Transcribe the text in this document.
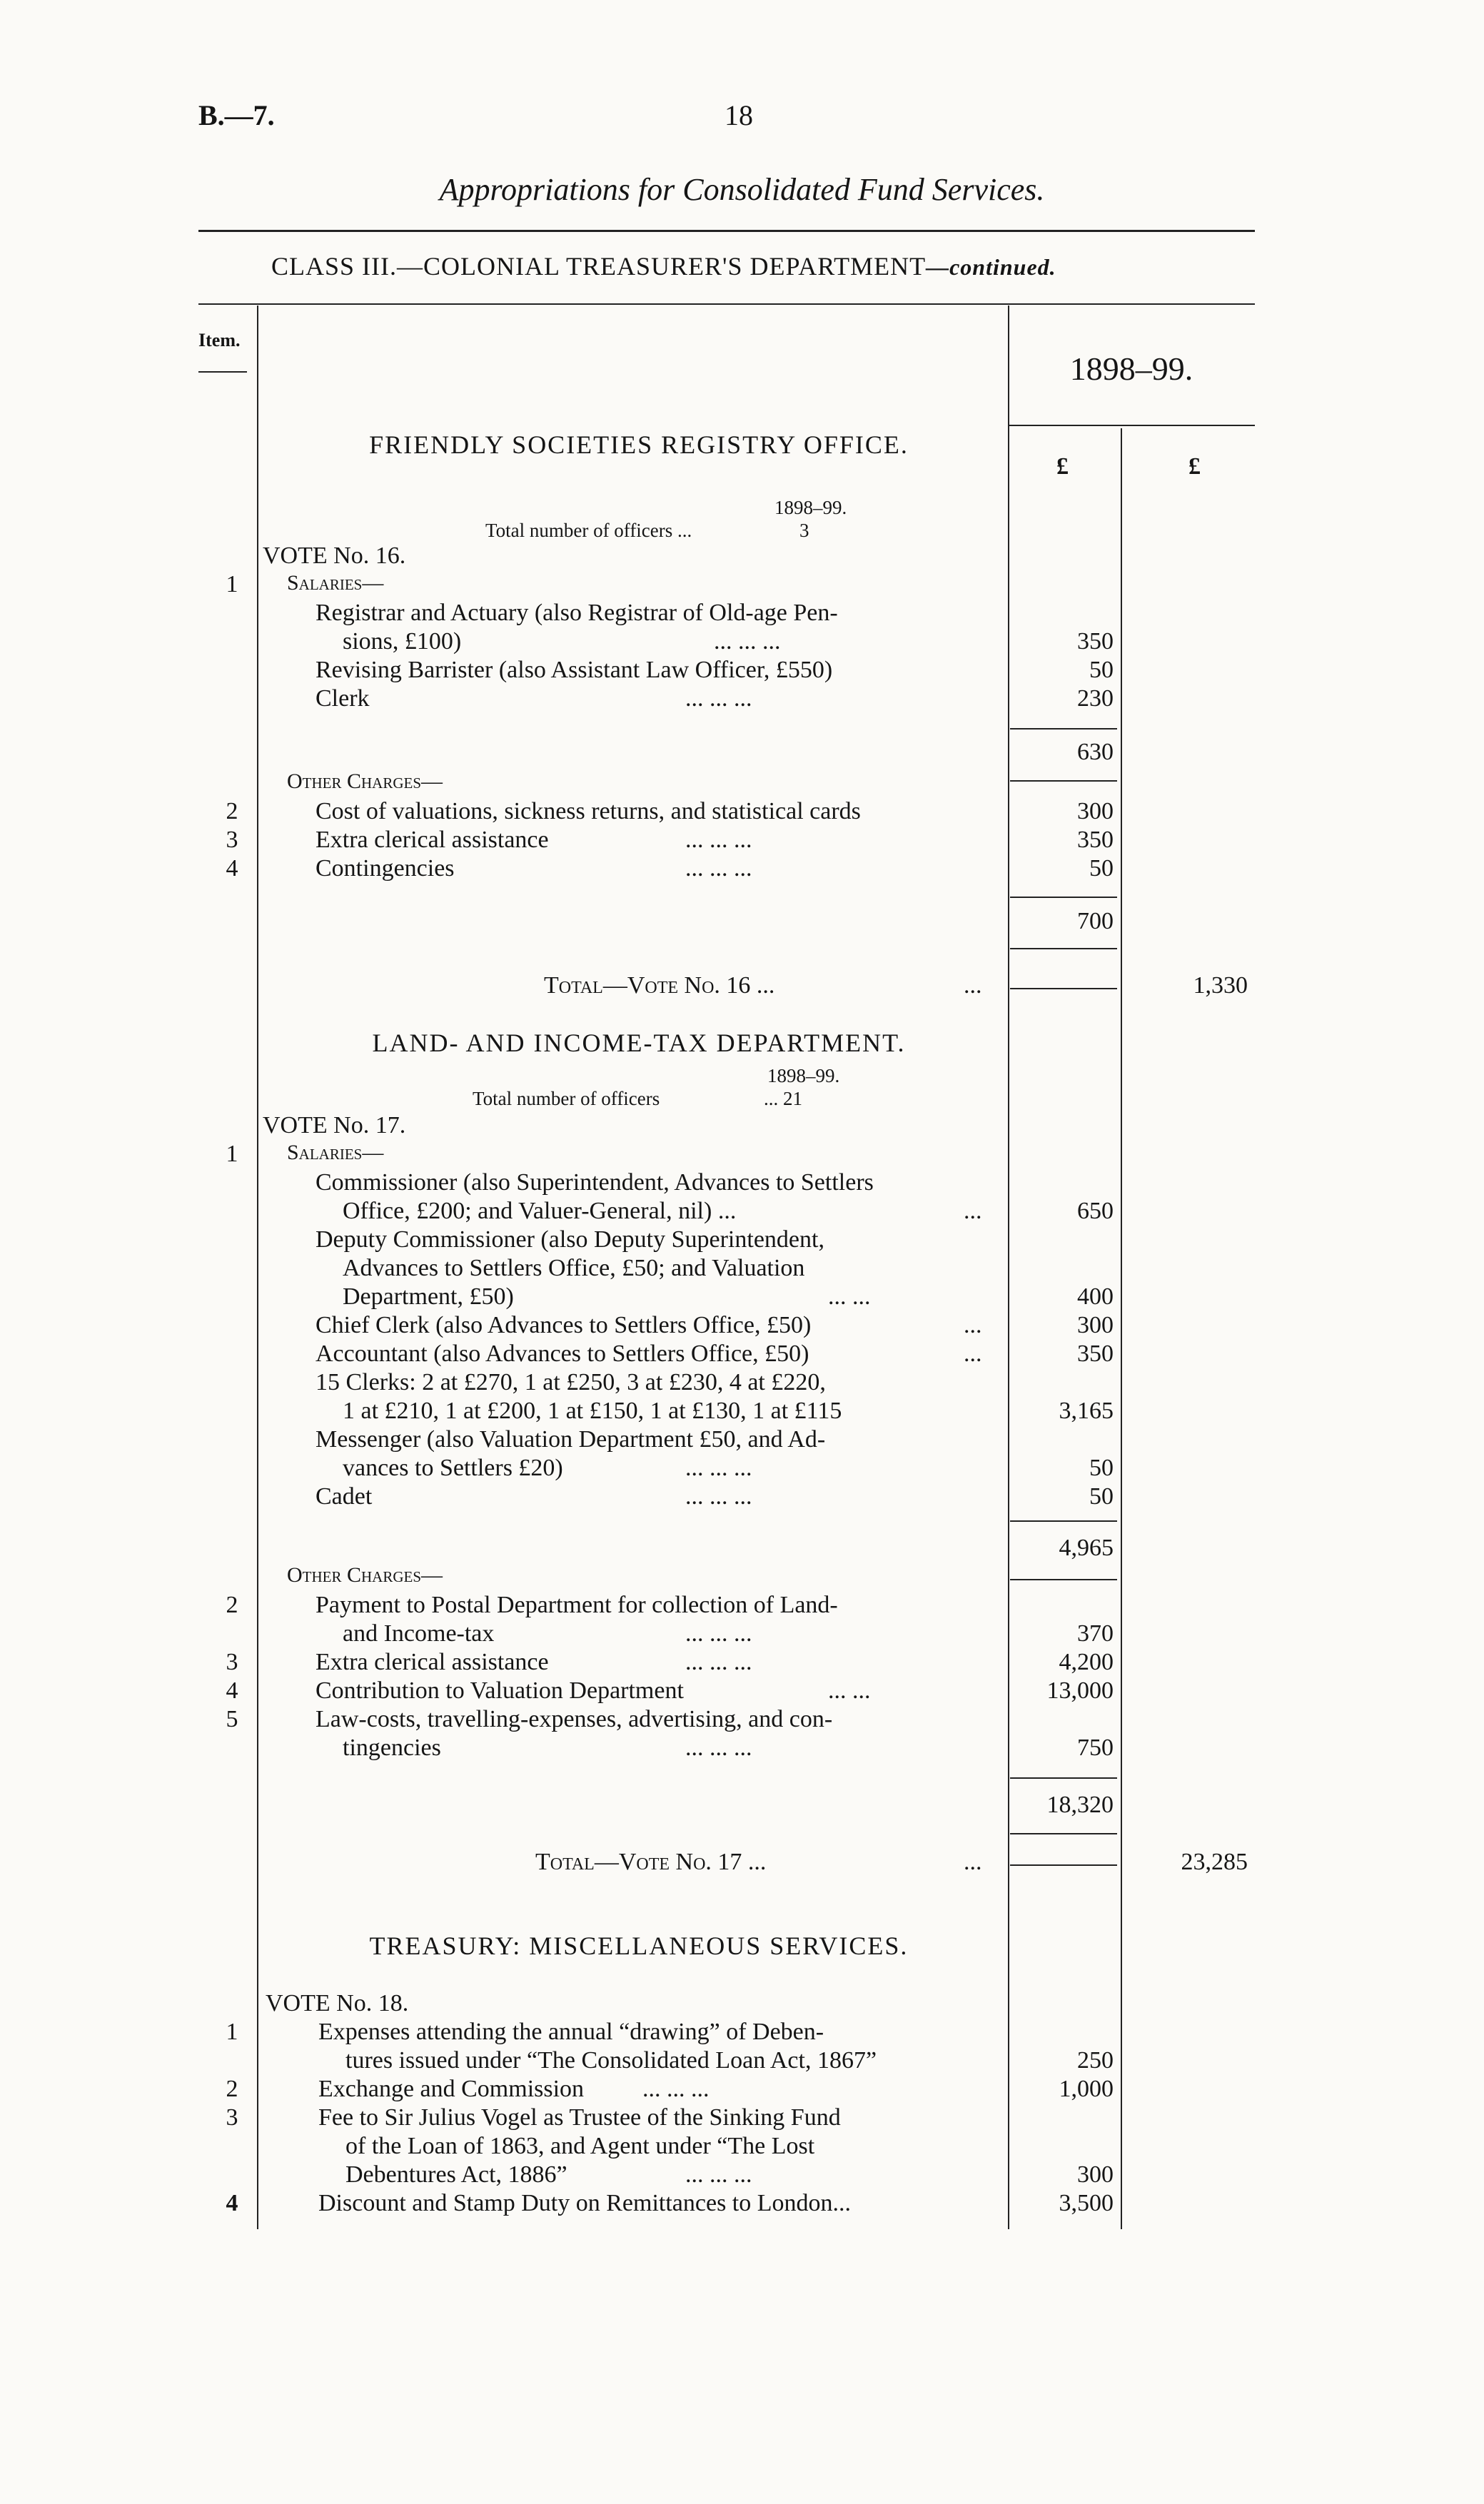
B.—7.	18
Appropriations for Consolidated Fund Services.
CLASS III.—COLONIAL TREASURER'S DEPARTMENT—continued.
Item.
1898–99.
£	£
FRIENDLY SOCIETIES REGISTRY OFFICE.
1898–99.
Total number of officers ...	3
VOTE No. 16.
1	Salaries—
Registrar and Actuary (also Registrar of Old-age Pen-
sions, £100)	... ... ...	350
Revising Barrister (also Assistant Law Officer, £550)	50
Clerk	... ... ...	230
630
Other Charges—
2	Cost of valuations, sickness returns, and statistical cards	300
3	Extra clerical assistance	... ... ...	350
4	Contingencies	... ... ...	50
700
Total—Vote No. 16 ...	...	1,330
LAND- AND INCOME-TAX DEPARTMENT.
1898–99.
Total number of officers	... 21
VOTE No. 17.
1	Salaries—
Commissioner (also Superintendent, Advances to Settlers
Office, £200; and Valuer-General, nil) ...	...	650
Deputy Commissioner (also Deputy Superintendent,
Advances to Settlers Office, £50; and Valuation
Department, £50)	... ...	400
Chief Clerk (also Advances to Settlers Office, £50)	...	300
Accountant (also Advances to Settlers Office, £50)	...	350
15 Clerks: 2 at £270, 1 at £250, 3 at £230, 4 at £220,
1 at £210, 1 at £200, 1 at £150, 1 at £130, 1 at £115	3,165
Messenger (also Valuation Department £50, and Ad-
vances to Settlers £20)	... ... ...	50
Cadet	... ... ...	50
4,965
Other Charges—
2	Payment to Postal Department for collection of Land-
and Income-tax	... ... ...	370
3	Extra clerical assistance	... ... ...	4,200
4	Contribution to Valuation Department	... ...	13,000
5	Law-costs, travelling-expenses, advertising, and con-
tingencies	... ... ...	750
18,320
Total—Vote No. 17 ...	...	23,285
TREASURY: MISCELLANEOUS SERVICES.
VOTE No. 18.
1	Expenses attending the annual “drawing” of Deben-
tures issued under “The Consolidated Loan Act, 1867”	250
2	Exchange and Commission ... ... ...	1,000
3	Fee to Sir Julius Vogel as Trustee of the Sinking Fund
of the Loan of 1863, and Agent under “The Lost
Debentures Act, 1886”	... ... ...	300
4	Discount and Stamp Duty on Remittances to London...	3,500
